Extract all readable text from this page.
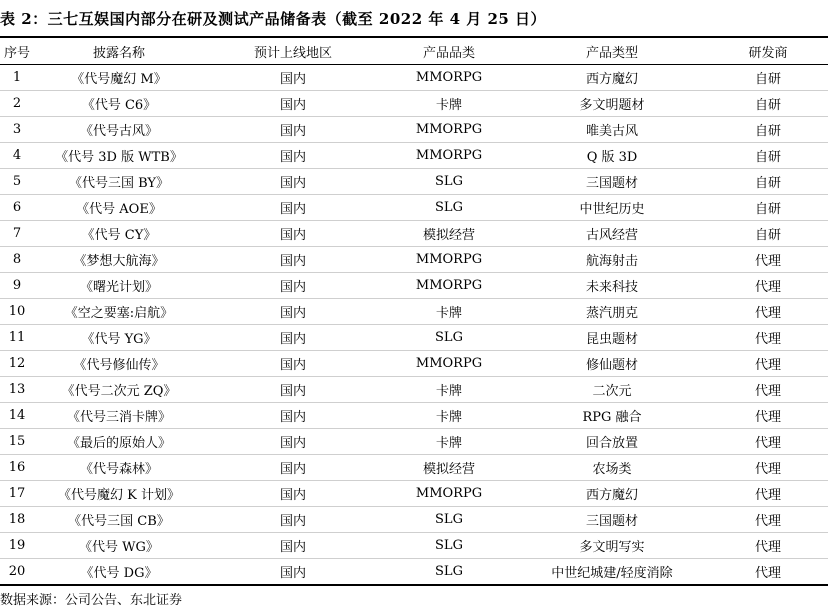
表 2：三七互娱国内部分在研及测试产品储备表（截至 2022 年 4 月 25 日）
序号	披露名称	预计上线地区	产品品类	产品类型	研发商
1	《代号魔幻 M》	国内	MMORPG	西方魔幻	自研
2	《代号 C6》	国内	卡牌	多文明题材	自研
3	《代号古风》	国内	MMORPG	唯美古风	自研
4	《代号 3D 版 WTB》	国内	MMORPG	Q 版 3D	自研
5	《代号三国 BY》	国内	SLG	三国题材	自研
6	《代号 AOE》	国内	SLG	中世纪历史	自研
7	《代号 CY》	国内	模拟经营	古风经营	自研
8	《梦想大航海》	国内	MMORPG	航海射击	代理
9	《曙光计划》	国内	MMORPG	未来科技	代理
10	《空之要塞:启航》	国内	卡牌	蒸汽朋克	代理
11	《代号 YG》	国内	SLG	昆虫题材	代理
12	《代号修仙传》	国内	MMORPG	修仙题材	代理
13	《代号二次元 ZQ》	国内	卡牌	二次元	代理
14	《代号三消卡牌》	国内	卡牌	RPG 融合	代理
15	《最后的原始人》	国内	卡牌	回合放置	代理
16	《代号森林》	国内	模拟经营	农场类	代理
17	《代号魔幻 K 计划》	国内	MMORPG	西方魔幻	代理
18	《代号三国 CB》	国内	SLG	三国题材	代理
19	《代号 WG》	国内	SLG	多文明写实	代理
20	《代号 DG》	国内	SLG	中世纪城建/轻度消除	代理
数据来源：公司公告、东北证券
